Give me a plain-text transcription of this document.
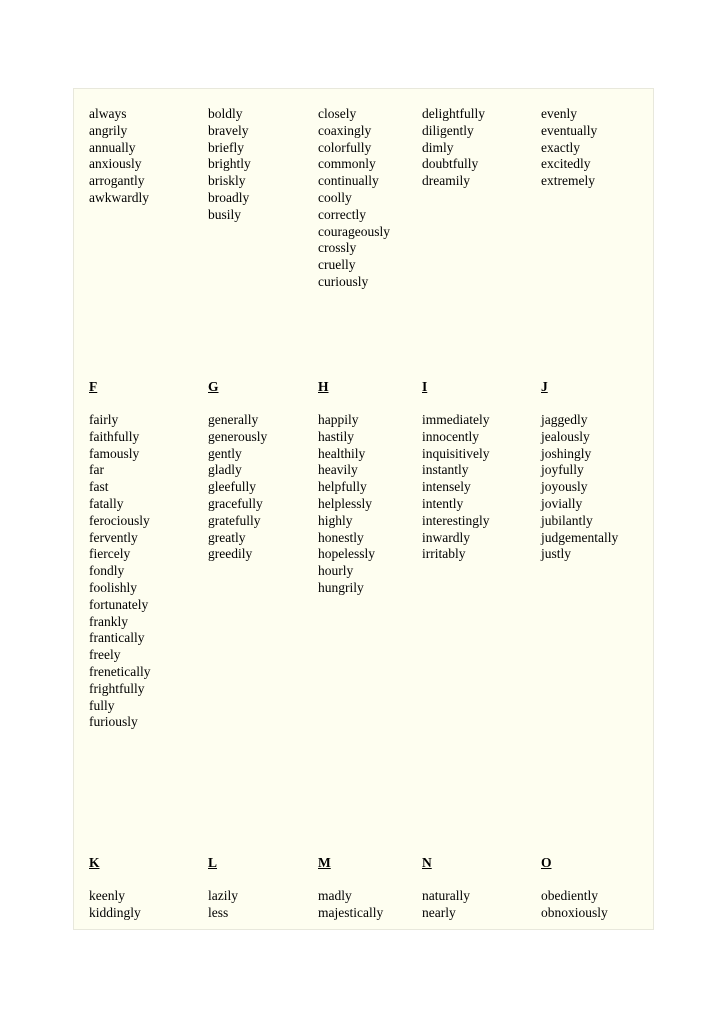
always
angrily
annually
anxiously
arrogantly
awkwardly
boldly
bravely
briefly
brightly
briskly
broadly
busily
closely
coaxingly
colorfully
commonly
continually
coolly
correctly
courageously
crossly
cruelly
curiously
delightfully
diligently
dimly
doubtfully
dreamily
evenly
eventually
exactly
excitedly
extremely
F
fairly
faithfully
famously
far
fast
fatally
ferociously
fervently
fiercely
fondly
foolishly
fortunately
frankly
frantically
freely
frenetically
frightfully
fully
furiously
G
generally
generously
gently
gladly
gleefully
gracefully
gratefully
greatly
greedily
H
happily
hastily
healthily
heavily
helpfully
helplessly
highly
honestly
hopelessly
hourly
hungrily
I
immediately
innocently
inquisitively
instantly
intensely
intently
interestingly
inwardly
irritably
J
jaggedly
jealously
joshingly
joyfully
joyously
jovially
jubilantly
judgementally
justly
K
keenly
kiddingly
L
lazily
less
M
madly
majestically
N
naturally
nearly
O
obediently
obnoxiously
